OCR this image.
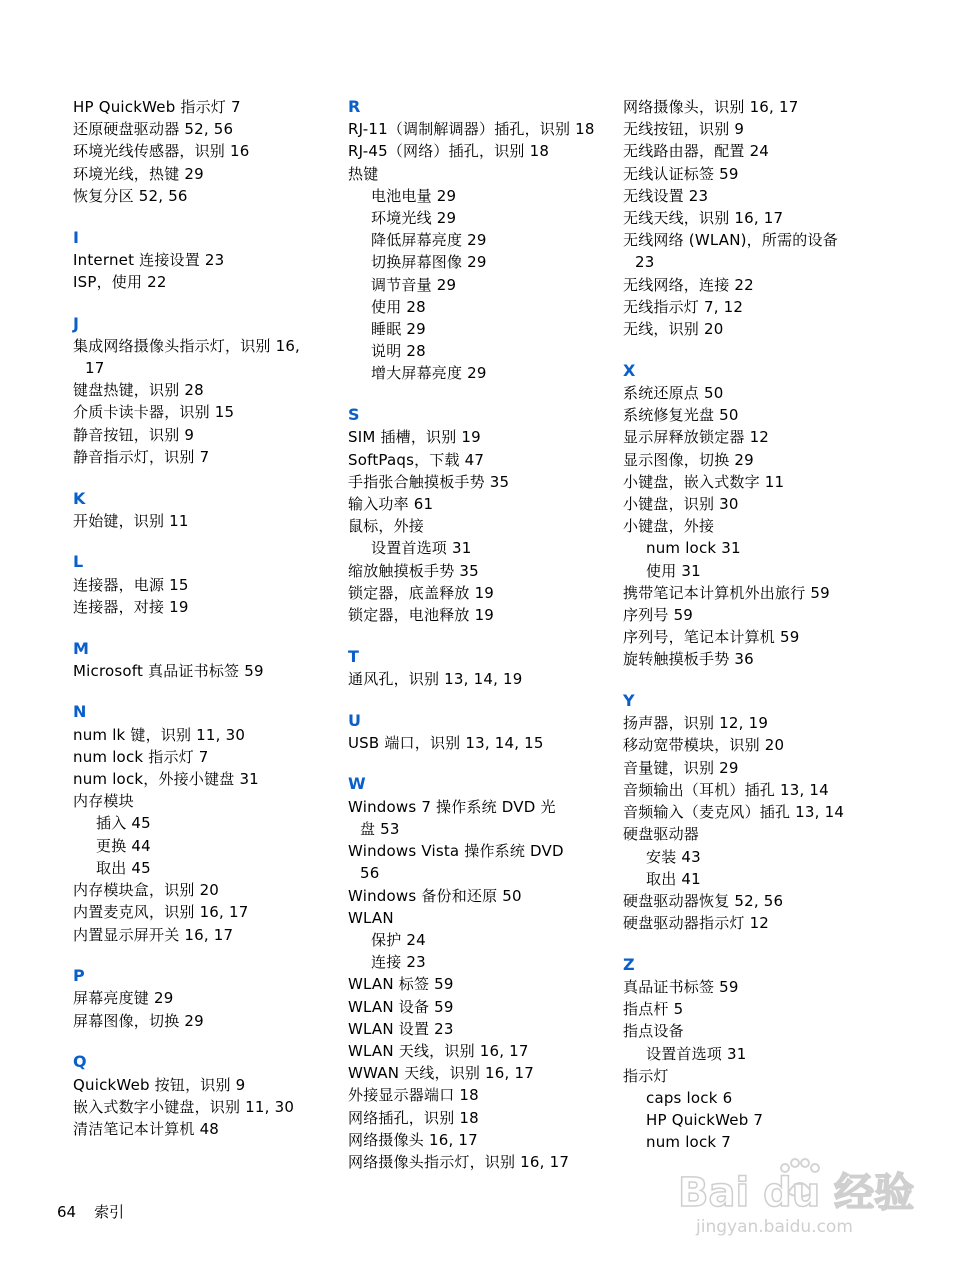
HP QuickWeb 指示灯 7
还原硬盘驱动器 52, 56
环境光线传感器，识别 16
环境光线，热键 29
恢复分区 52, 56
I
Internet 连接设置 23
ISP，使用 22
J
集成网络摄像头指示灯，识别 16,
17
键盘热键，识别 28
介质卡读卡器，识别 15
静音按钮，识别 9
静音指示灯，识别 7
K
开始键，识别 11
L
连接器，电源 15
连接器，对接 19
M
Microsoft 真品证书标签 59
N
num lk 键，识别 11, 30
num lock 指示灯 7
num lock，外接小键盘 31
内存模块
插入 45
更换 44
取出 45
内存模块盒，识别 20
内置麦克风，识别 16, 17
内置显示屏开关 16, 17
P
屏幕亮度键 29
屏幕图像，切换 29
Q
QuickWeb 按钮，识别 9
嵌入式数字小键盘，识别 11, 30
清洁笔记本计算机 48
R
RJ-11（调制解调器）插孔，识别 18
RJ-45（网络）插孔，识别 18
热键
电池电量 29
环境光线 29
降低屏幕亮度 29
切换屏幕图像 29
调节音量 29
使用 28
睡眠 29
说明 28
增大屏幕亮度 29
S
SIM 插槽，识别 19
SoftPaqs，下载 47
手指张合触摸板手势 35
输入功率 61
鼠标，外接
设置首选项 31
缩放触摸板手势 35
锁定器，底盖释放 19
锁定器，电池释放 19
T
通风孔，识别 13, 14, 19
U
USB 端口，识别 13, 14, 15
W
Windows 7 操作系统 DVD 光
盘 53
Windows Vista 操作系统 DVD
56
Windows 备份和还原 50
WLAN
保护 24
连接 23
WLAN 标签 59
WLAN 设备 59
WLAN 设置 23
WLAN 天线，识别 16, 17
WWAN 天线，识别 16, 17
外接显示器端口 18
网络插孔，识别 18
网络摄像头 16, 17
网络摄像头指示灯，识别 16, 17
网络摄像头，识别 16, 17
无线按钮，识别 9
无线路由器，配置 24
无线认证标签 59
无线设置 23
无线天线，识别 16, 17
无线网络 (WLAN)，所需的设备
23
无线网络，连接 22
无线指示灯 7, 12
无线，识别 20
X
系统还原点 50
系统修复光盘 50
显示屏释放锁定器 12
显示图像，切换 29
小键盘，嵌入式数字 11
小键盘，识别 30
小键盘，外接
num lock 31
使用 31
携带笔记本计算机外出旅行 59
序列号 59
序列号，笔记本计算机 59
旋转触摸板手势 36
Y
扬声器，识别 12, 19
移动宽带模块，识别 20
音量键，识别 29
音频输出（耳机）插孔 13, 14
音频输入（麦克风）插孔 13, 14
硬盘驱动器
安装 43
取出 41
硬盘驱动器恢复 52, 56
硬盘驱动器指示灯 12
Z
真品证书标签 59
指点杆 5
指点设备
设置首选项 31
指示灯
caps lock 6
HP QuickWeb 7
num lock 7
64 索引	Bai du 经验
jingyan.baidu.com
